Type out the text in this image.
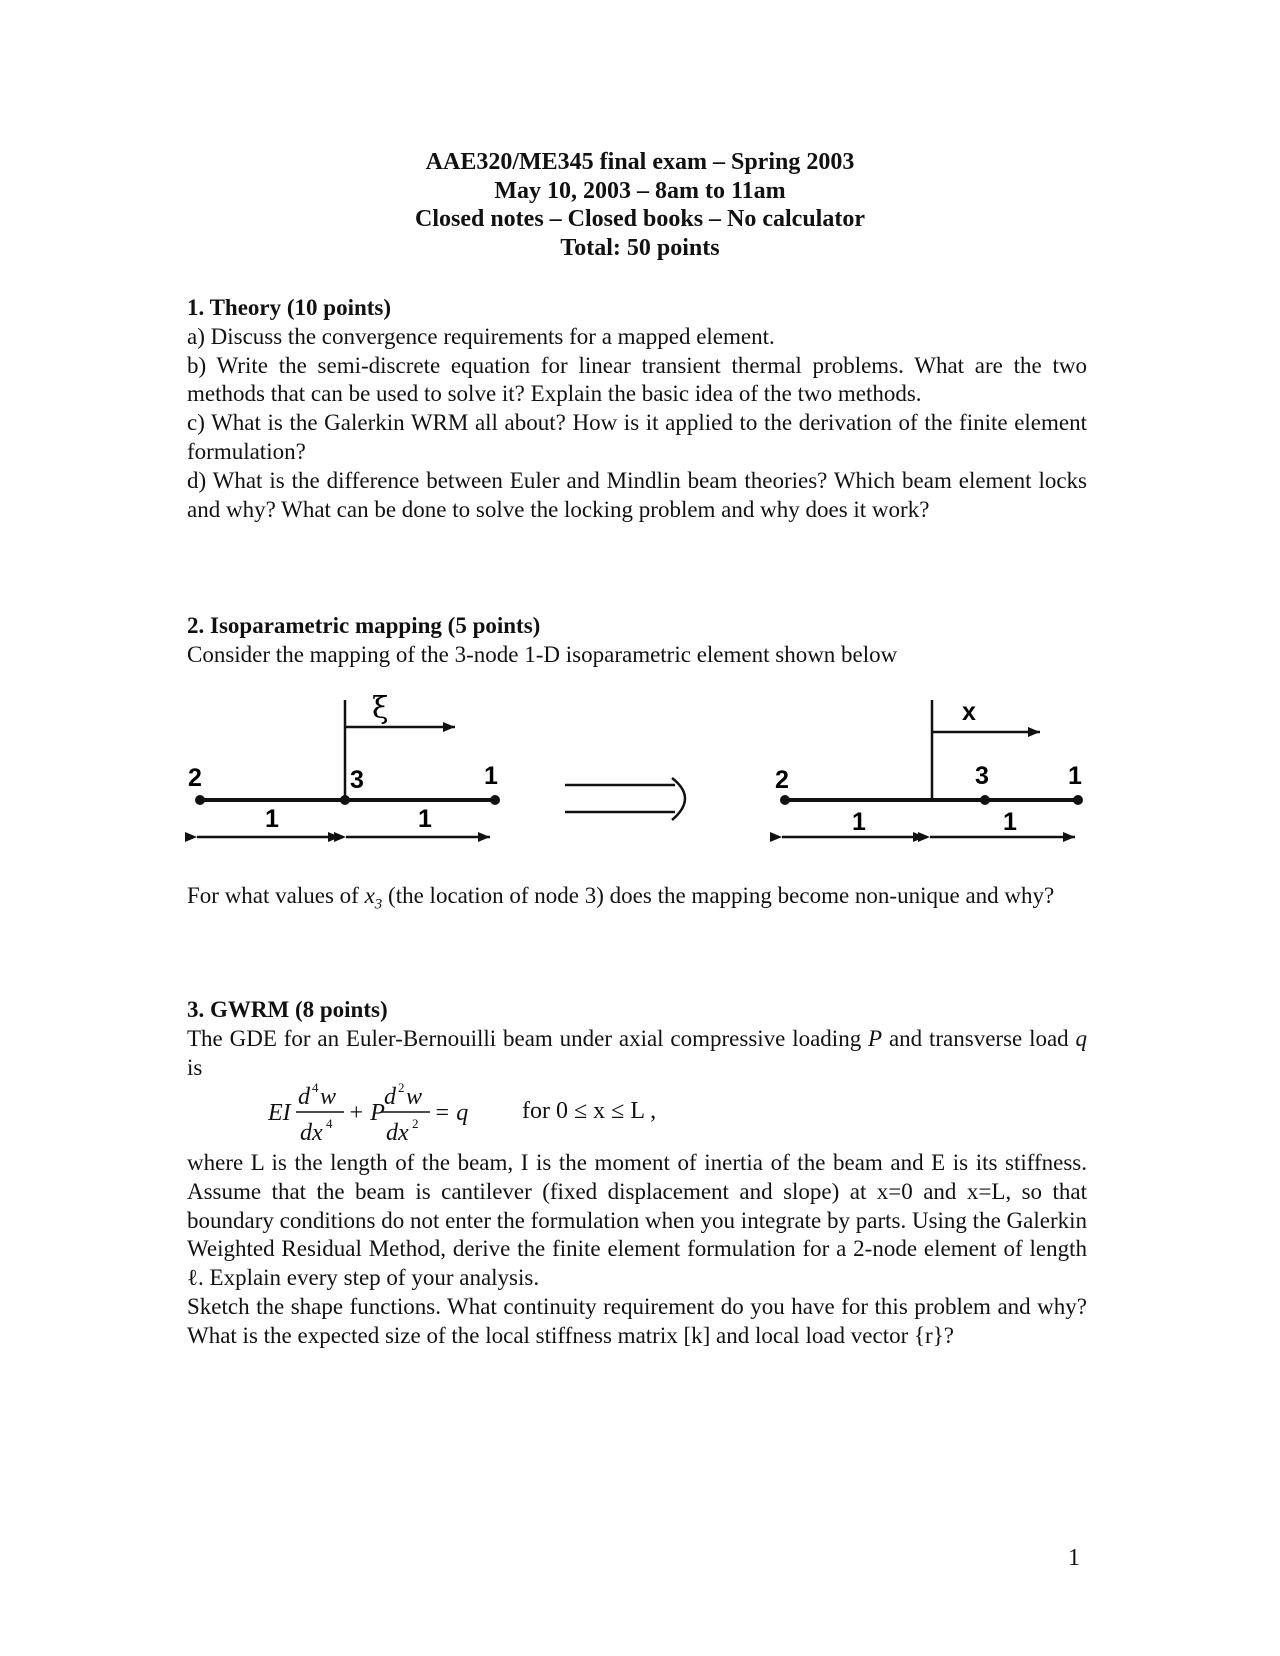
AAE320/ME345 final exam – Spring 2003
May 10, 2003 – 8am to 11am
Closed notes – Closed books – No calculator
Total: 50 points
1. Theory (10 points)
a) Discuss the convergence requirements for a mapped element.
b) Write the semi-discrete equation for linear transient thermal problems. What are the two methods that can be used to solve it? Explain the basic idea of the two methods.
c) What is the Galerkin WRM all about? How is it applied to the derivation of the finite element formulation?
d) What is the difference between Euler and Mindlin beam theories? Which beam element locks and why? What can be done to solve the locking problem and why does it work?
2. Isoparametric mapping (5 points)
Consider the mapping of the 3-node 1-D isoparametric element shown below
ξ
2	3	1
1	1
x
2	3	1
1	1
For what values of $x_3$ (the location of node 3) does the mapping become non-unique and why?
3. GWRM (8 points)
The GDE for an Euler-Bernouilli beam under axial compressive loading P and transverse load q is
EI
d 4 w
dx 4 + P
d 2 w
dx 2 = q for 0 ≤ x ≤ L ,
where L is the length of the beam, I is the moment of inertia of the beam and E is its stiffness. Assume that the beam is cantilever (fixed displacement and slope) at x=0 and x=L, so that boundary conditions do not enter the formulation when you integrate by parts. Using the Galerkin Weighted Residual Method, derive the finite element formulation for a 2-node element of length ℓ. Explain every step of your analysis.
Sketch the shape functions. What continuity requirement do you have for this problem and why? What is the expected size of the local stiffness matrix [k] and local load vector {r}?
1
